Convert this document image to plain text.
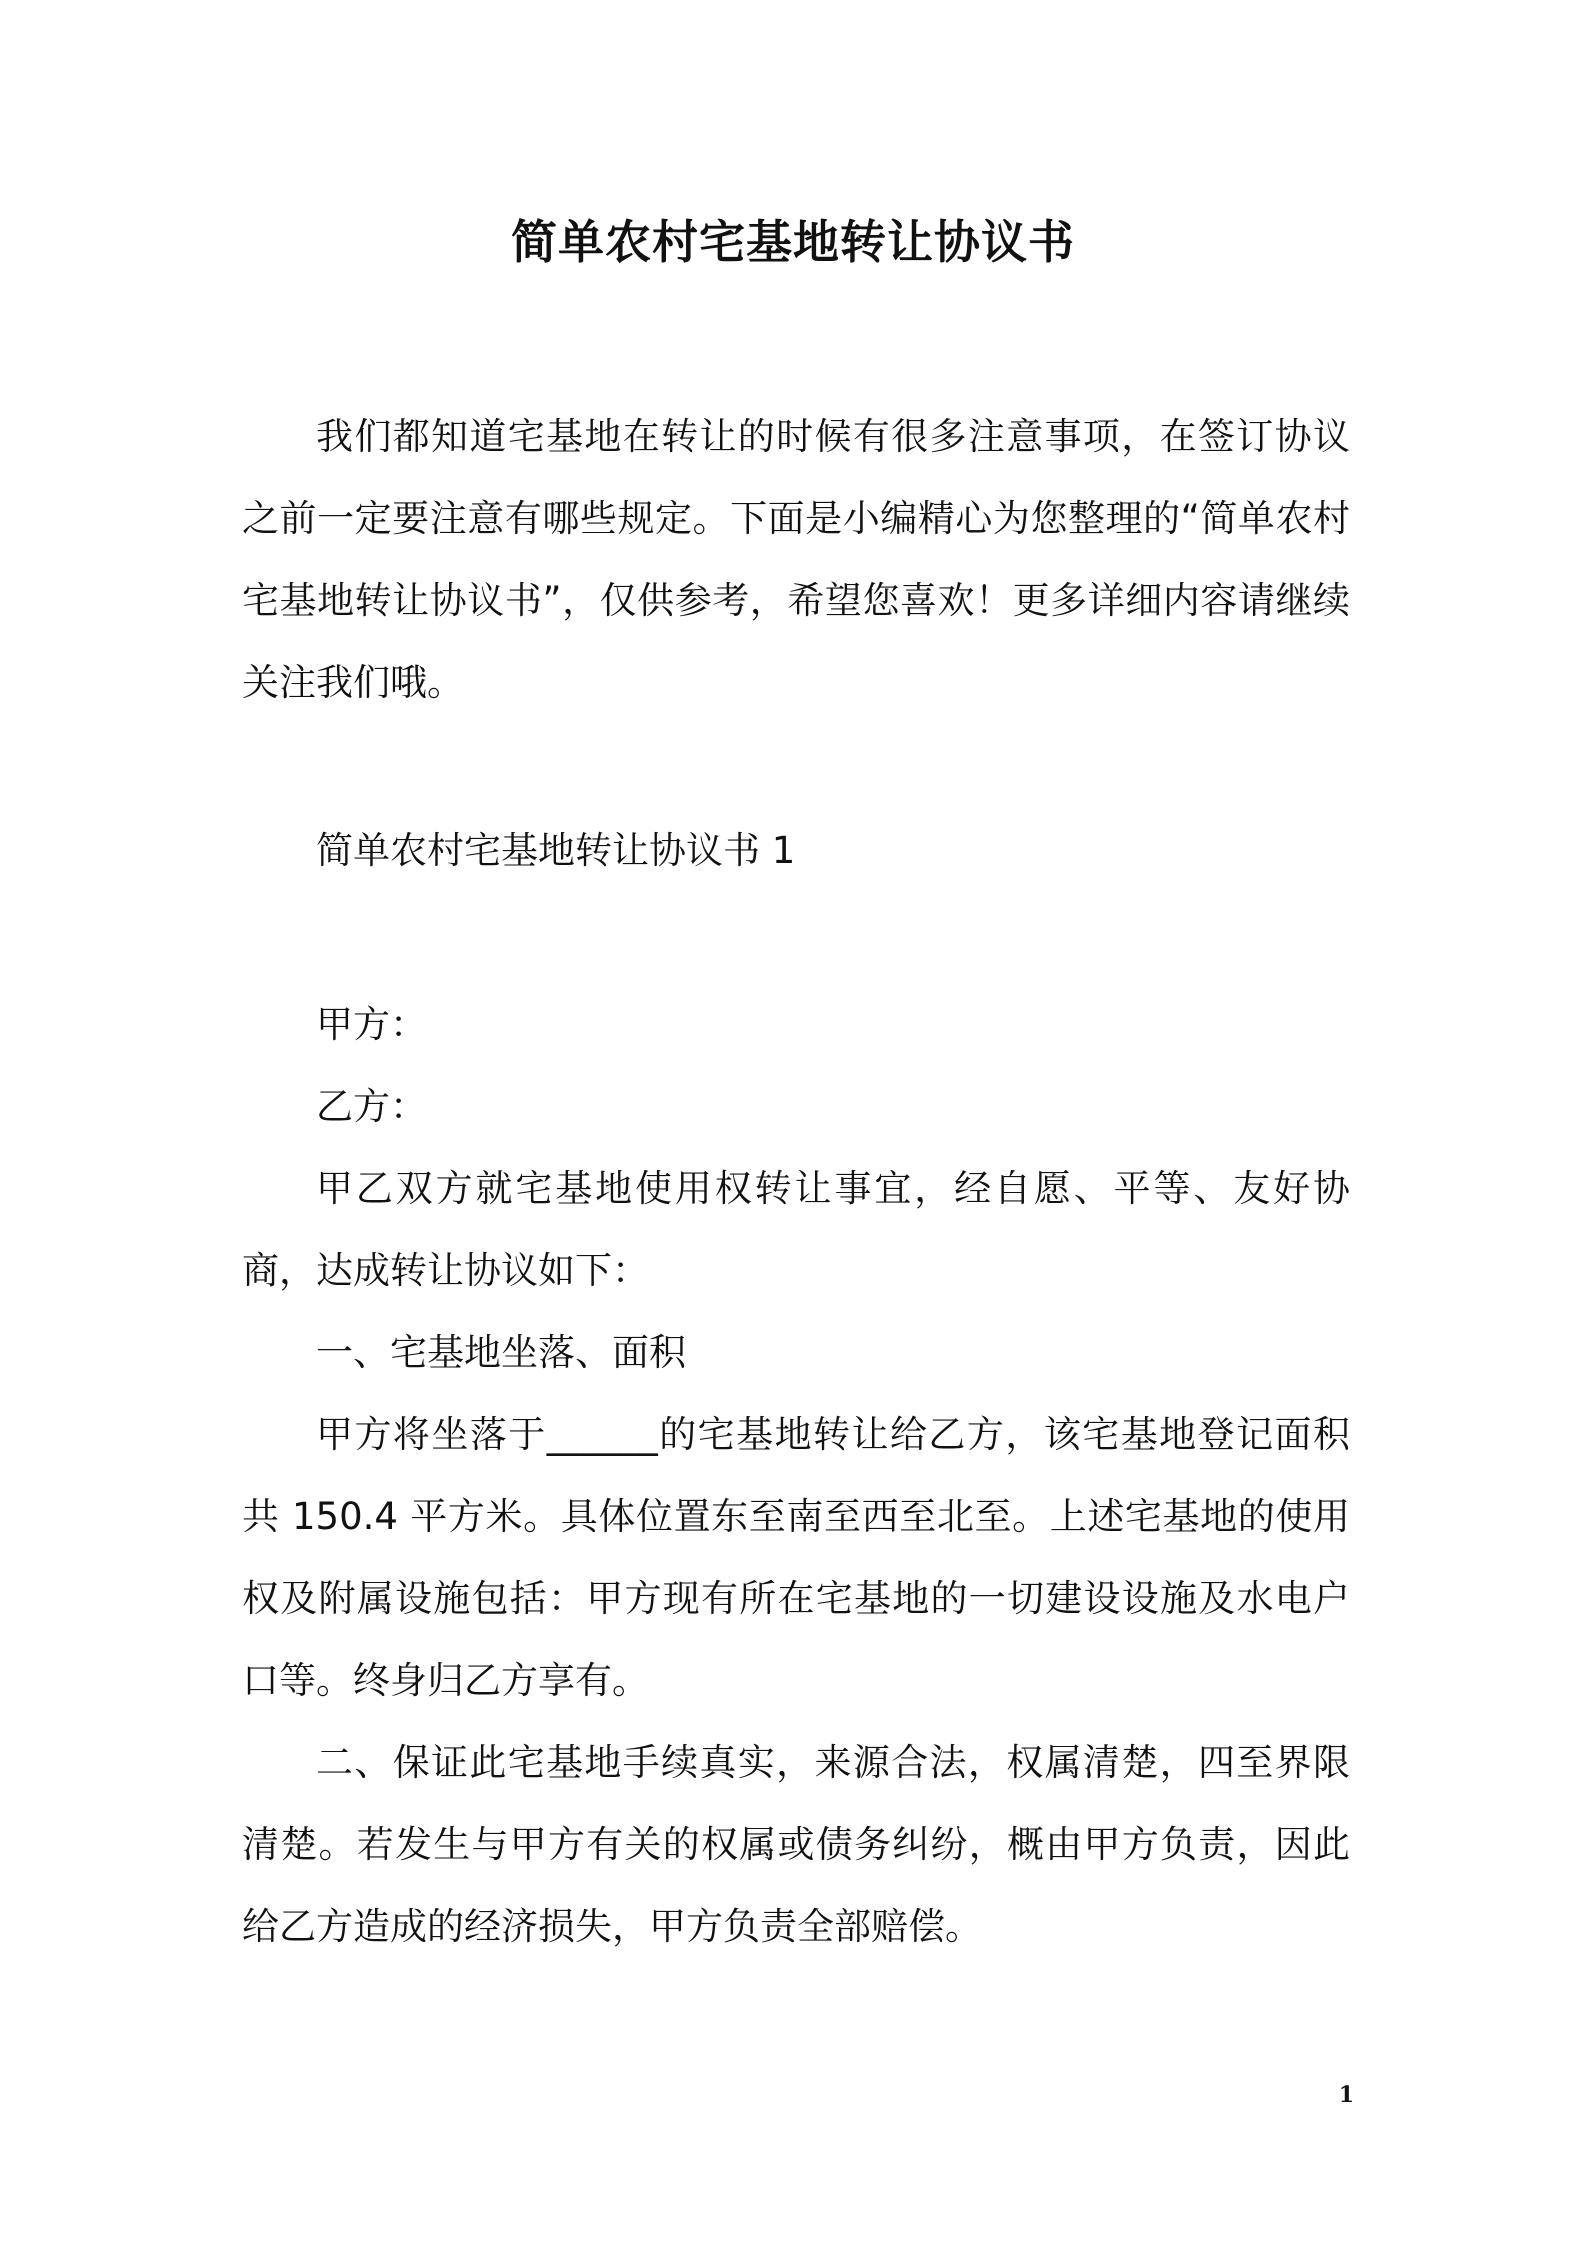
简单农村宅基地转让协议书
我们都知道宅基地在转让的时候有很多注意事项，在签订协议之前一定要注意有哪些规定。下面是小编精心为您整理的“简单农村宅基地转让协议书”，仅供参考，希望您喜欢！更多详细内容请继续关注我们哦。
简单农村宅基地转让协议书 1
甲方：
乙方：
甲乙双方就宅基地使用权转让事宜，经自愿、平等、友好协商，达成转让协议如下：
一、宅基地坐落、面积
甲方将坐落于______的宅基地转让给乙方，该宅基地登记面积共 150.4 平方米。具体位置东至南至西至北至。上述宅基地的使用权及附属设施包括：甲方现有所在宅基地的一切建设设施及水电户口等。终身归乙方享有。
二、保证此宅基地手续真实，来源合法，权属清楚，四至界限清楚。若发生与甲方有关的权属或债务纠纷，概由甲方负责，因此给乙方造成的经济损失，甲方负责全部赔偿。
1
